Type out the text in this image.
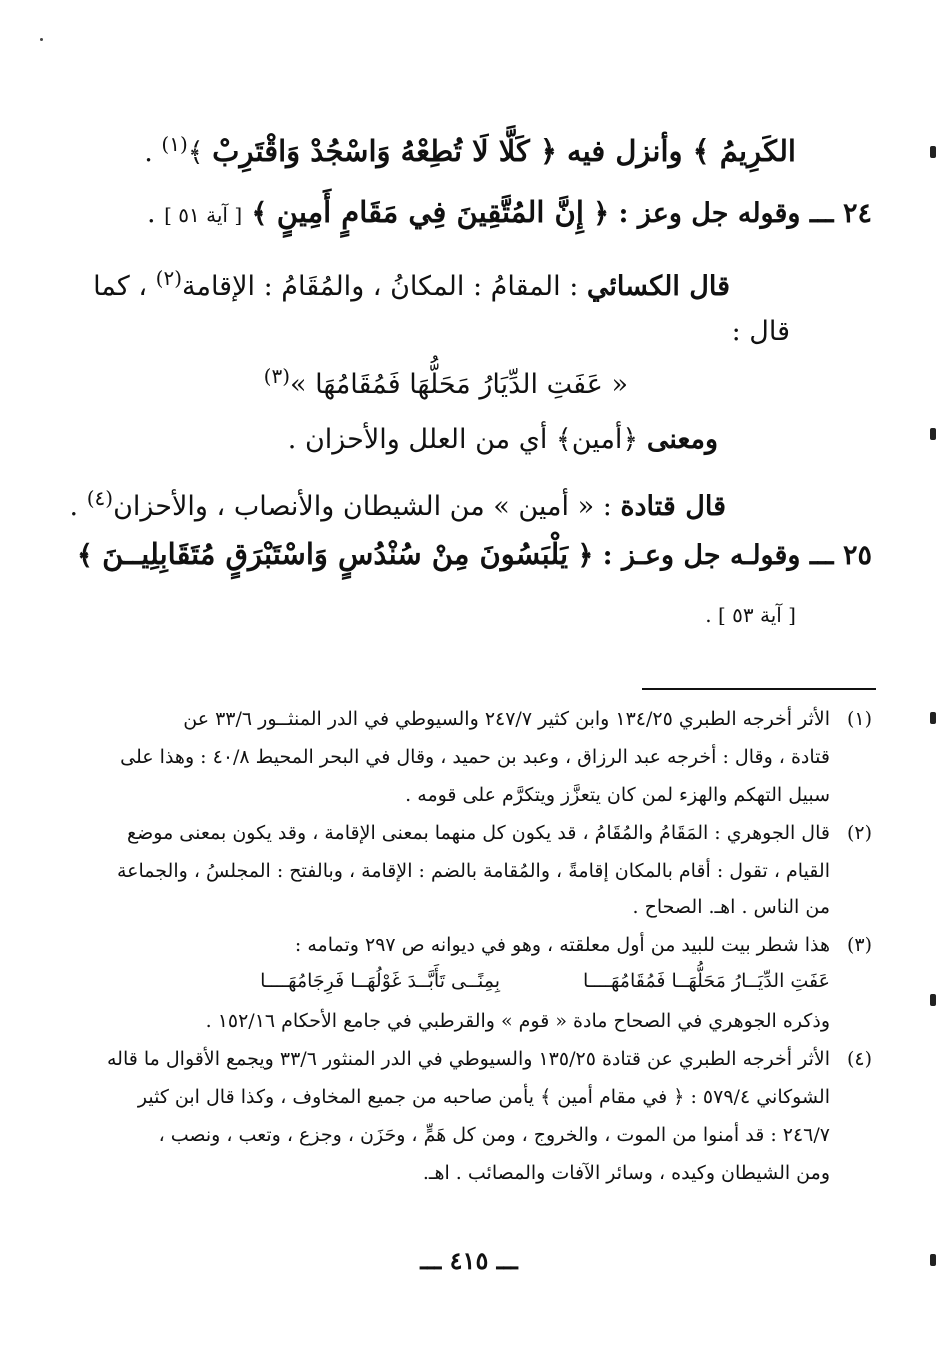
الكَرِيمُ ﴾ وأنزل فيه ﴿ كَلَّا لَا تُطِعْهُ وَاسْجُدْ وَاقْتَرِبْ ﴾$^{(١)}$ .
٢٤ ـــ وقوله جل وعز : ﴿ إِنَّ المُتَّقِينَ فِي مَقَامٍ أَمِينٍ ﴾ [ آية ٥١ ] .
قال الكسائي : المقامُ : المكانُ ، والمُقَامُ : الإقامة$^{(٢)}$ ، كما
قال :
« عَفَتِ الدِّيَارُ مَحَلُّهَا فَمُقَامُهَا »$^{(٣)}$
ومعنى ﴿أمين﴾ أي من العلل والأحزان .
قال قتادة : « أمين » من الشيطان والأنصاب ، والأحزان$^{(٤)}$ .
٢٥ ـــ وقولـه جل وعـز : ﴿ يَلْبَسُونَ مِنْ سُنْدُسٍ وَاسْتَبْرَقٍ مُتَقَابِلِيــنَ ﴾
[ آية ٥٣ ] .
(١)
الأثر أخرجه الطبري ١٣٤/٢٥ وابن كثير ٢٤٧/٧ والسيوطي في الدر المنثــور ٣٣/٦ عن
قتادة ، وقال : أخرجه عبد الرزاق ، وعبد بن حميد ، وقال في البحر المحيط ٤٠/٨ : وهذا على
سبيل التهكم والهزء لمن كان يتعزَّز ويتكرَّم على قومه .
(٢)
قال الجوهري : المَقَامُ والمُقَامُ ، قد يكون كل منهما بمعنى الإقامة ، وقد يكون بمعنى موضع
القيام ، تقول : أقام بالمكان إقامةً ، والمُقامة بالضم : الإقامة ، وبالفتح : المجلسُ ، والجماعة
من الناس . اهـ. الصحاح .
(٣)
هذا شطر بيت للبيد من أول معلقته ، وهو في ديوانه ص ٢٩٧ وتمامه :
عَفَتِ الدِّيَــارُ مَحَلُّهَــا فَمُقَامُهَــــا
بِمِنًــى تَأَبَّــدَ غَوْلُهَــا فَرِجَامُهَــــا
وذكره الجوهري في الصحاح مادة « قوم » والقرطبي في جامع الأحكام ١٥٢/١٦ .
(٤)
الأثر أخرجه الطبري عن قتادة ١٣٥/٢٥ والسيوطي في الدر المنثور ٣٣/٦ ويجمع الأقوال ما قاله
الشوكاني ٥٧٩/٤ : ﴿ في مقام أمين ﴾ يأمن صاحبه من جميع المخاوف ، وكذا قال ابن كثير
٢٤٦/٧ : قد أمنوا من الموت ، والخروج ، ومن كل هَمٍّ ، وحَزَن ، وجزع ، وتعب ، ونصب ،
ومن الشيطان وكيده ، وسائر الآفات والمصائب . اهـ.
ـــ ٤١٥ ـــ
